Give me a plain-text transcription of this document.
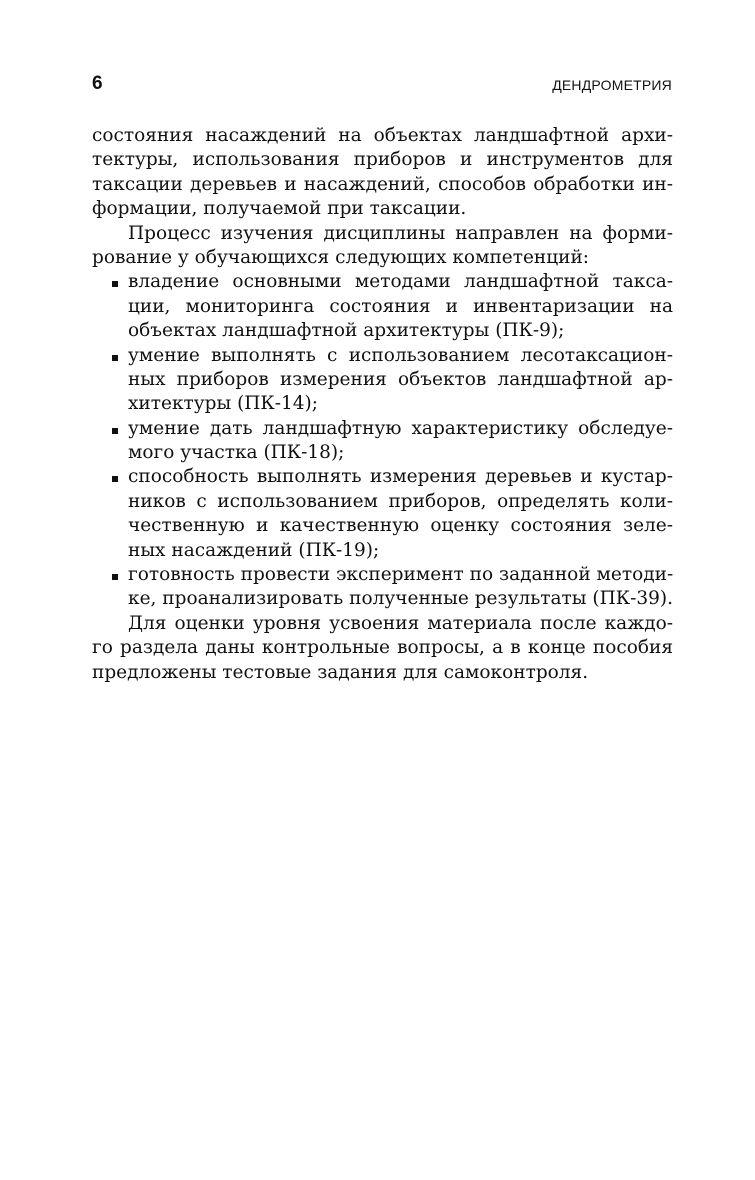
6	ДЕНДРОМЕТРИЯ
состояния насаждений на объектах ландшафтной архи-
тектуры, использования приборов и инструментов для
таксации деревьев и насаждений, способов обработки ин-
формации, получаемой при таксации.
Процесс изучения дисциплины направлен на форми-
рование у обучающихся следующих компетенций:
владение основными методами ландшафтной такса-
ции, мониторинга состояния и инвентаризации на
объектах ландшафтной архитектуры (ПК-9);
умение выполнять с использованием лесотаксацион-
ных приборов измерения объектов ландшафтной ар-
хитектуры (ПК-14);
умение дать ландшафтную характеристику обследуе-
мого участка (ПК-18);
способность выполнять измерения деревьев и кустар-
ников с использованием приборов, определять коли-
чественную и качественную оценку состояния зеле-
ных насаждений (ПК-19);
готовность провести эксперимент по заданной методи-
ке, проанализировать полученные результаты (ПК-39).
Для оценки уровня усвоения материала после каждо-
го раздела даны контрольные вопросы, а в конце пособия
предложены тестовые задания для самоконтроля.
